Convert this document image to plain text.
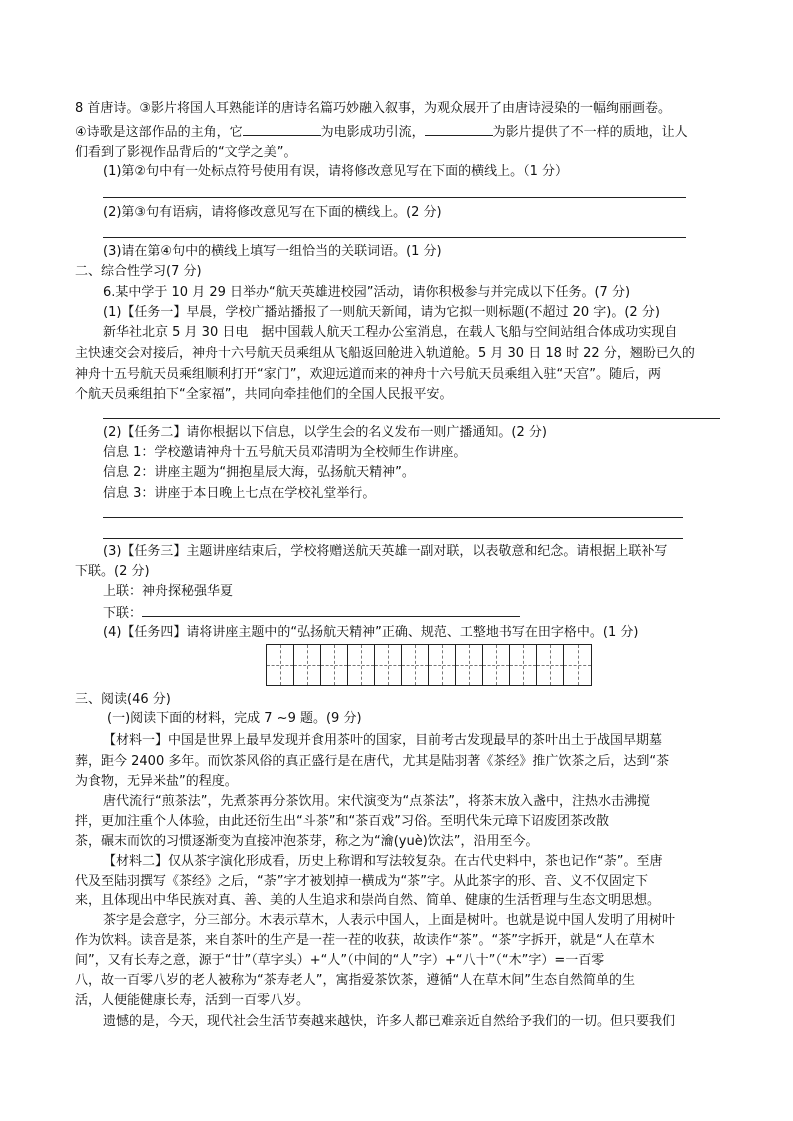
8 首唐诗。③影片将国人耳熟能详的唐诗名篇巧妙融入叙事，为观众展开了由唐诗浸染的一幅绚丽画卷。
④诗歌是这部作品的主角，它	为电影成功引流，	为影片提供了不一样的质地，让人
们看到了影视作品背后的“文学之美”。
(1)第②句中有一处标点符号使用有误，请将修改意见写在下面的横线上。（1 分）
(2)第③句有语病，请将修改意见写在下面的横线上。(2 分)
(3)请在第④句中的横线上填写一组恰当的关联词语。(1 分)
二、综合性学习(7 分)
6.某中学于 10 月 29 日举办“航天英雄进校园”活动，请你积极参与并完成以下任务。(7 分)
(1)【任务一】早晨，学校广播站播报了一则航天新闻，请为它拟一则标题(不超过 20 字)。(2 分)
新华社北京 5 月 30 日电　据中国载人航天工程办公室消息，在载人飞船与空间站组合体成功实现自
主快速交会对接后，神舟十六号航天员乘组从飞船返回舱进入轨道舱。5 月 30 日 18 时 22 分，翘盼已久的
神舟十五号航天员乘组顺利打开“家门”，欢迎远道而来的神舟十六号航天员乘组入驻“天宫”。随后，两
个航天员乘组拍下“全家福”，共同向牵挂他们的全国人民报平安。
(2)【任务二】请你根据以下信息，以学生会的名义发布一则广播通知。(2 分)
信息 1：学校邀请神舟十五号航天员邓清明为全校师生作讲座。
信息 2：讲座主题为“拥抱星辰大海，弘扬航天精神”。
信息 3：讲座于本日晚上七点在学校礼堂举行。
(3)【任务三】主题讲座结束后，学校将赠送航天英雄一副对联，以表敬意和纪念。请根据上联补写
下联。(2 分)
上联：神舟探秘强华夏
下联：
(4)【任务四】请将讲座主题中的“弘扬航天精神”正确、规范、工整地书写在田字格中。(1 分)
三、阅读(46 分)
(一)阅读下面的材料，完成 7 ~9 题。(9 分)
【材料一】中国是世界上最早发现并食用茶叶的国家，目前考古发现最早的茶叶出土于战国早期墓
葬，距今 2400 多年。而饮茶风俗的真正盛行是在唐代，尤其是陆羽著《茶经》推广饮茶之后，达到“茶
为食物，无异米盐”的程度。
唐代流行“煎茶法”，先煮茶再分茶饮用。宋代演变为“点茶法”，将茶末放入盏中，注热水击沸搅
拌，更加注重个人体验，由此还衍生出“斗茶”和“茶百戏”习俗。至明代朱元璋下诏废团茶改散
茶，碾末而饮的习惯逐渐变为直接冲泡茶芽，称之为“瀹(yuè)饮法”，沿用至今。
【材料二】仅从茶字演化形成看，历史上称谓和写法较复杂。在古代史料中，茶也记作“荼”。至唐
代及至陆羽撰写《茶经》之后，“荼”字才被划掉一横成为“茶”字。从此茶字的形、音、义不仅固定下
来，且体现出中华民族对真、善、美的人生追求和崇尚自然、简单、健康的生活哲理与生态文明思想。
茶字是会意字，分三部分。木表示草木，人表示中国人，上面是树叶。也就是说中国人发明了用树叶
作为饮料。读音是茶，来自茶叶的生产是一茬一茬的收获，故读作“茶”。“茶”字拆开，就是“人在草木
间”，又有长寿之意，源于“廿”（草字头）+“人”（中间的“人”字）+“八十”（“木”字）=一百零
八，故一百零八岁的老人被称为“茶寿老人”，寓指爱茶饮茶，遵循“人在草木间”生态自然简单的生
活，人便能健康长寿，活到一百零八岁。
遗憾的是，今天，现代社会生活节奏越来越快，许多人都已难亲近自然给予我们的一切。但只要我们
